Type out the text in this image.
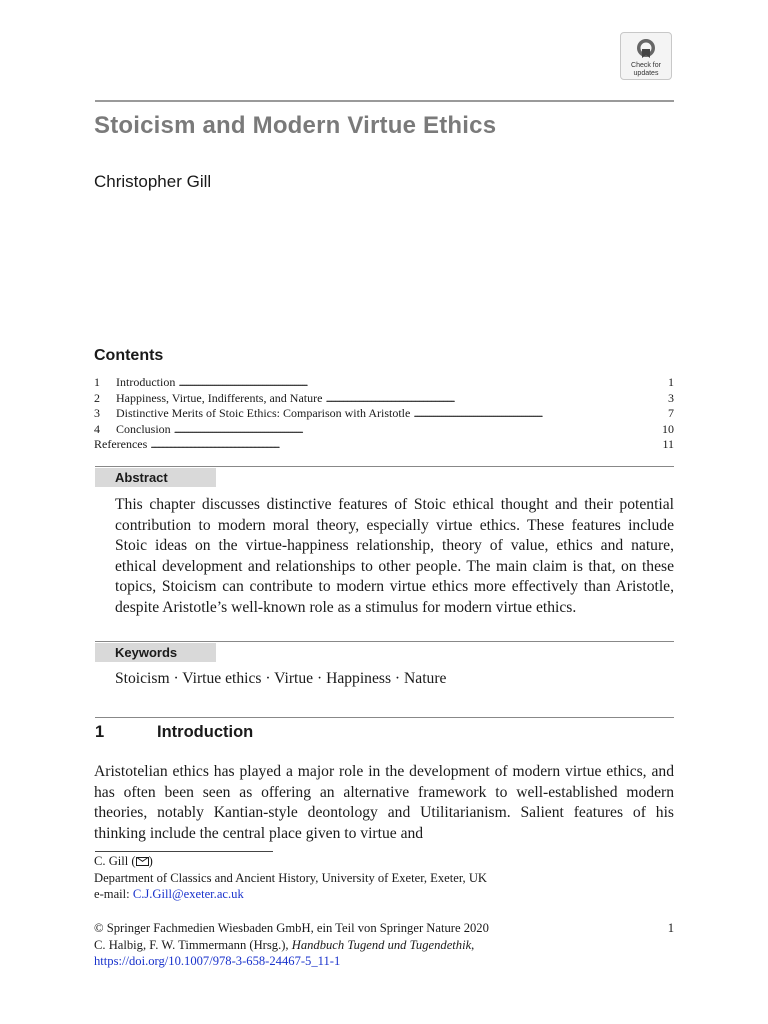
Check for
updates
Stoicism and Modern Virtue Ethics
Christopher Gill
Contents
1	Introduction . . .	1
2	Happiness, Virtue, Indifferents, and Nature . . .	3
3	Distinctive Merits of Stoic Ethics: Comparison with Aristotle . . .	7
4	Conclusion . . .	10
References . . .	11
Abstract

This chapter discusses distinctive features of Stoic ethical thought and their potential contribution to modern moral theory, especially virtue ethics. These features include Stoic ideas on the virtue-happiness relationship, theory of value, ethics and nature, ethical development and relationships to other people. The main claim is that, on these topics, Stoicism can contribute to modern virtue ethics more effectively than Aristotle, despite Aristotle’s well-known role as a stimulus for modern virtue ethics.

Keywords
Stoicism · Virtue ethics · Virtue · Happiness · Nature
1	Introduction

Aristotelian ethics has played a major role in the development of modern virtue ethics, and has often been seen as offering an alternative framework to well-established modern theories, notably Kantian-style deontology and Utilitarianism. Salient features of his thinking include the central place given to virtue and

C. Gill ( )
Department of Classics and Ancient History, University of Exeter, Exeter, UK
e-mail: C.J.Gill@exeter.ac.uk
© Springer Fachmedien Wiesbaden GmbH, ein Teil von Springer Nature 2020
C. Halbig, F. W. Timmermann (Hrsg.), Handbuch Tugend und Tugendethik,
https://doi.org/10.1007/978-3-658-24467-5_11-1
1
